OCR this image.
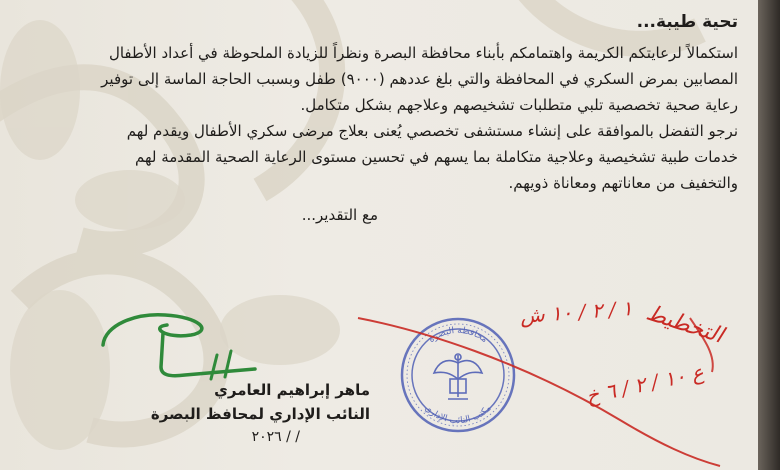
تحية طيبة...

استكمالاً لرعايتكم الكريمة واهتمامكم بأبناء محافظة البصرة ونظراً للزيادة الملحوظة في أعداد الأطفال المصابين بمرض السكري في المحافظة والتي بلغ عددهم (٩٠٠٠) طفل وبسبب الحاجة الماسة إلى توفير رعاية صحية تخصصية تلبي متطلبات تشخيصهم وعلاجهم بشكل متكامل.

نرجو التفضل بالموافقة على إنشاء مستشفى تخصصي يُعنى بعلاج مرضى سكري الأطفال ويقدم لهم خدمات طبية تشخيصية وعلاجية متكاملة بما يسهم في تحسين مستوى الرعاية الصحية المقدمة لهم والتخفيف من معاناتهم ومعاناة ذويهم.

مع التقدير...
ماهر إبراهيم العامري
النائب الإداري لمحافظ البصرة
/ / ٢٠٢٦
محافظة البصرة
مكتب النائب الإداري
التخطيط
١ / ٢ / ١٠ ش
ع ١٠ / ٢ / ٦ خ
